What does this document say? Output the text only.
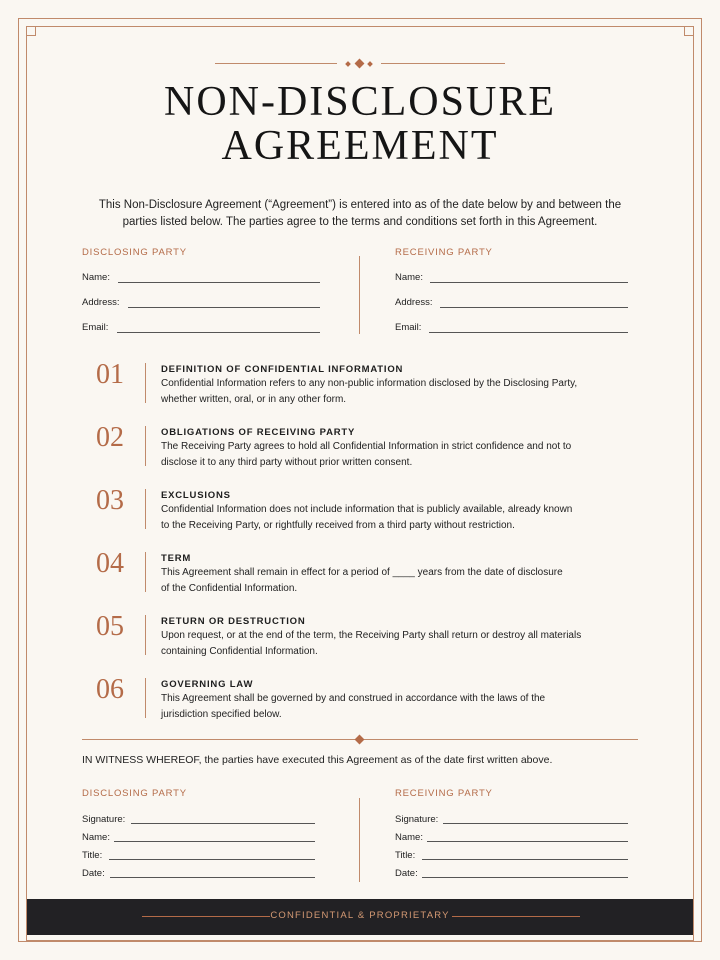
NON-DISCLOSURE
AGREEMENT
This Non-Disclosure Agreement (“Agreement”) is entered into as of the date below by and between the
parties listed below. The parties agree to the terms and conditions set forth in this Agreement.
DISCLOSING PARTY
Name:
Address:
Email:
RECEIVING PARTY
Name:
Address:
Email:
01	DEFINITION OF CONFIDENTIAL INFORMATION
Confidential Information refers to any non-public information disclosed by the Disclosing Party,
whether written, oral, or in any other form.
02	OBLIGATIONS OF RECEIVING PARTY
The Receiving Party agrees to hold all Confidential Information in strict confidence and not to
disclose it to any third party without prior written consent.
03	EXCLUSIONS
Confidential Information does not include information that is publicly available, already known
to the Receiving Party, or rightfully received from a third party without restriction.
04	TERM
This Agreement shall remain in effect for a period of ____ years from the date of disclosure
of the Confidential Information.
05	RETURN OR DESTRUCTION
Upon request, or at the end of the term, the Receiving Party shall return or destroy all materials
containing Confidential Information.
06	GOVERNING LAW
This Agreement shall be governed by and construed in accordance with the laws of the
jurisdiction specified below.
IN WITNESS WHEREOF, the parties have executed this Agreement as of the date first written above.
DISCLOSING PARTY
Signature:
Name:
Title:
Date:
RECEIVING PARTY
Signature:
Name:
Title:
Date:
CONFIDENTIAL & PROPRIETARY
